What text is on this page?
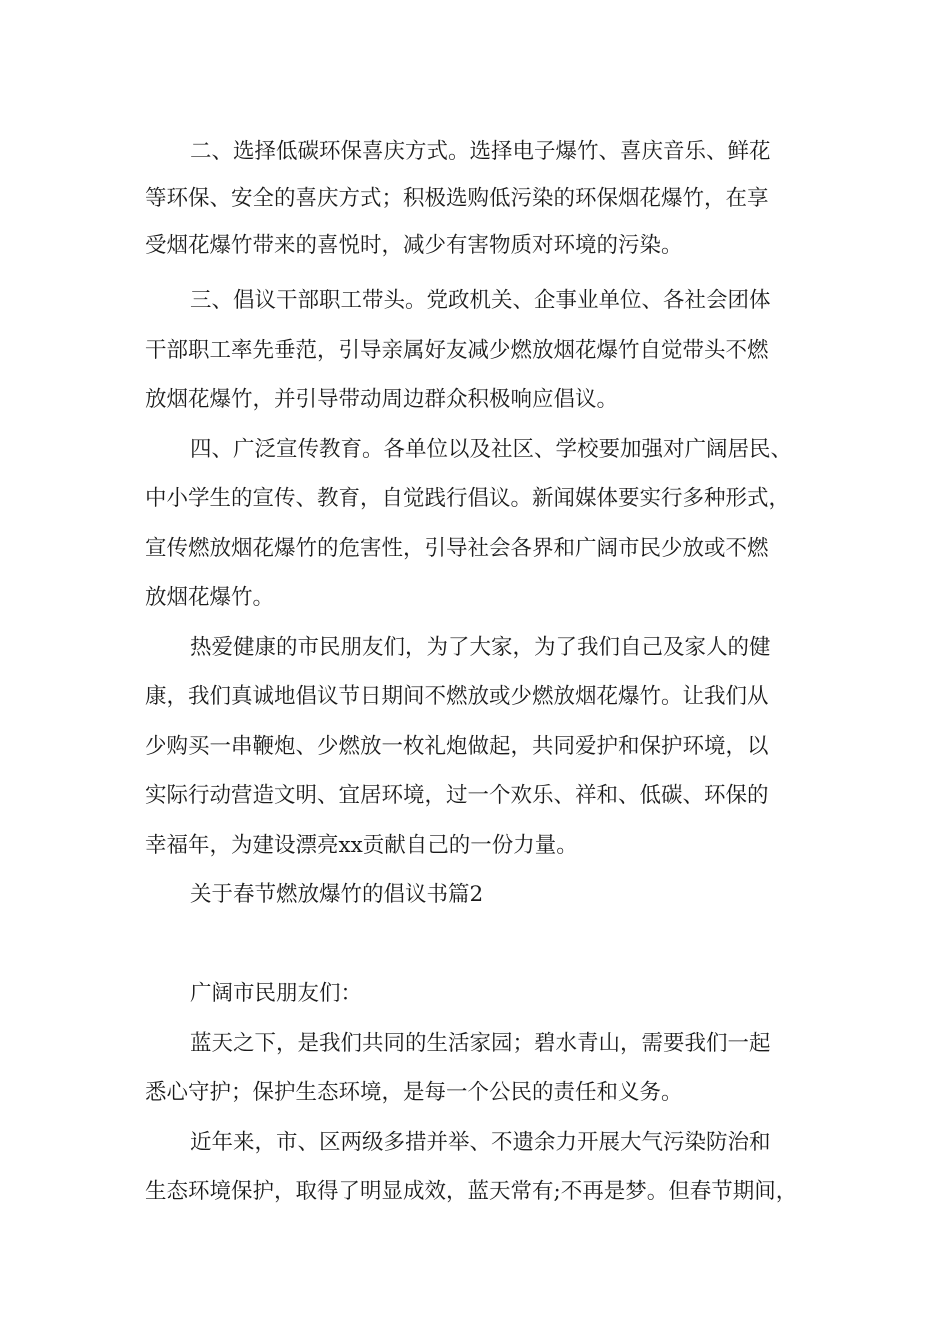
二、选择低碳环保喜庆方式。选择电子爆竹、喜庆音乐、鲜花

等环保、安全的喜庆方式；积极选购低污染的环保烟花爆竹，在享

受烟花爆竹带来的喜悦时，减少有害物质对环境的污染。

三、倡议干部职工带头。党政机关、企事业单位、各社会团体

干部职工率先垂范，引导亲属好友减少燃放烟花爆竹自觉带头不燃

放烟花爆竹，并引导带动周边群众积极响应倡议。

四、广泛宣传教育。各单位以及社区、学校要加强对广阔居民、

中小学生的宣传、教育，自觉践行倡议。新闻媒体要实行多种形式，

宣传燃放烟花爆竹的危害性，引导社会各界和广阔市民少放或不燃

放烟花爆竹。

热爱健康的市民朋友们，为了大家，为了我们自己及家人的健

康，我们真诚地倡议节日期间不燃放或少燃放烟花爆竹。让我们从

少购买一串鞭炮、少燃放一枚礼炮做起，共同爱护和保护环境，以

实际行动营造文明、宜居环境，过一个欢乐、祥和、低碳、环保的

幸福年，为建设漂亮xx贡献自己的一份力量。

关于春节燃放爆竹的倡议书篇2

广阔市民朋友们：

蓝天之下，是我们共同的生活家园；碧水青山，需要我们一起

悉心守护；保护生态环境，是每一个公民的责任和义务。

近年来，市、区两级多措并举、不遗余力开展大气污染防治和

生态环境保护，取得了明显成效，蓝天常有;不再是梦。但春节期间，
